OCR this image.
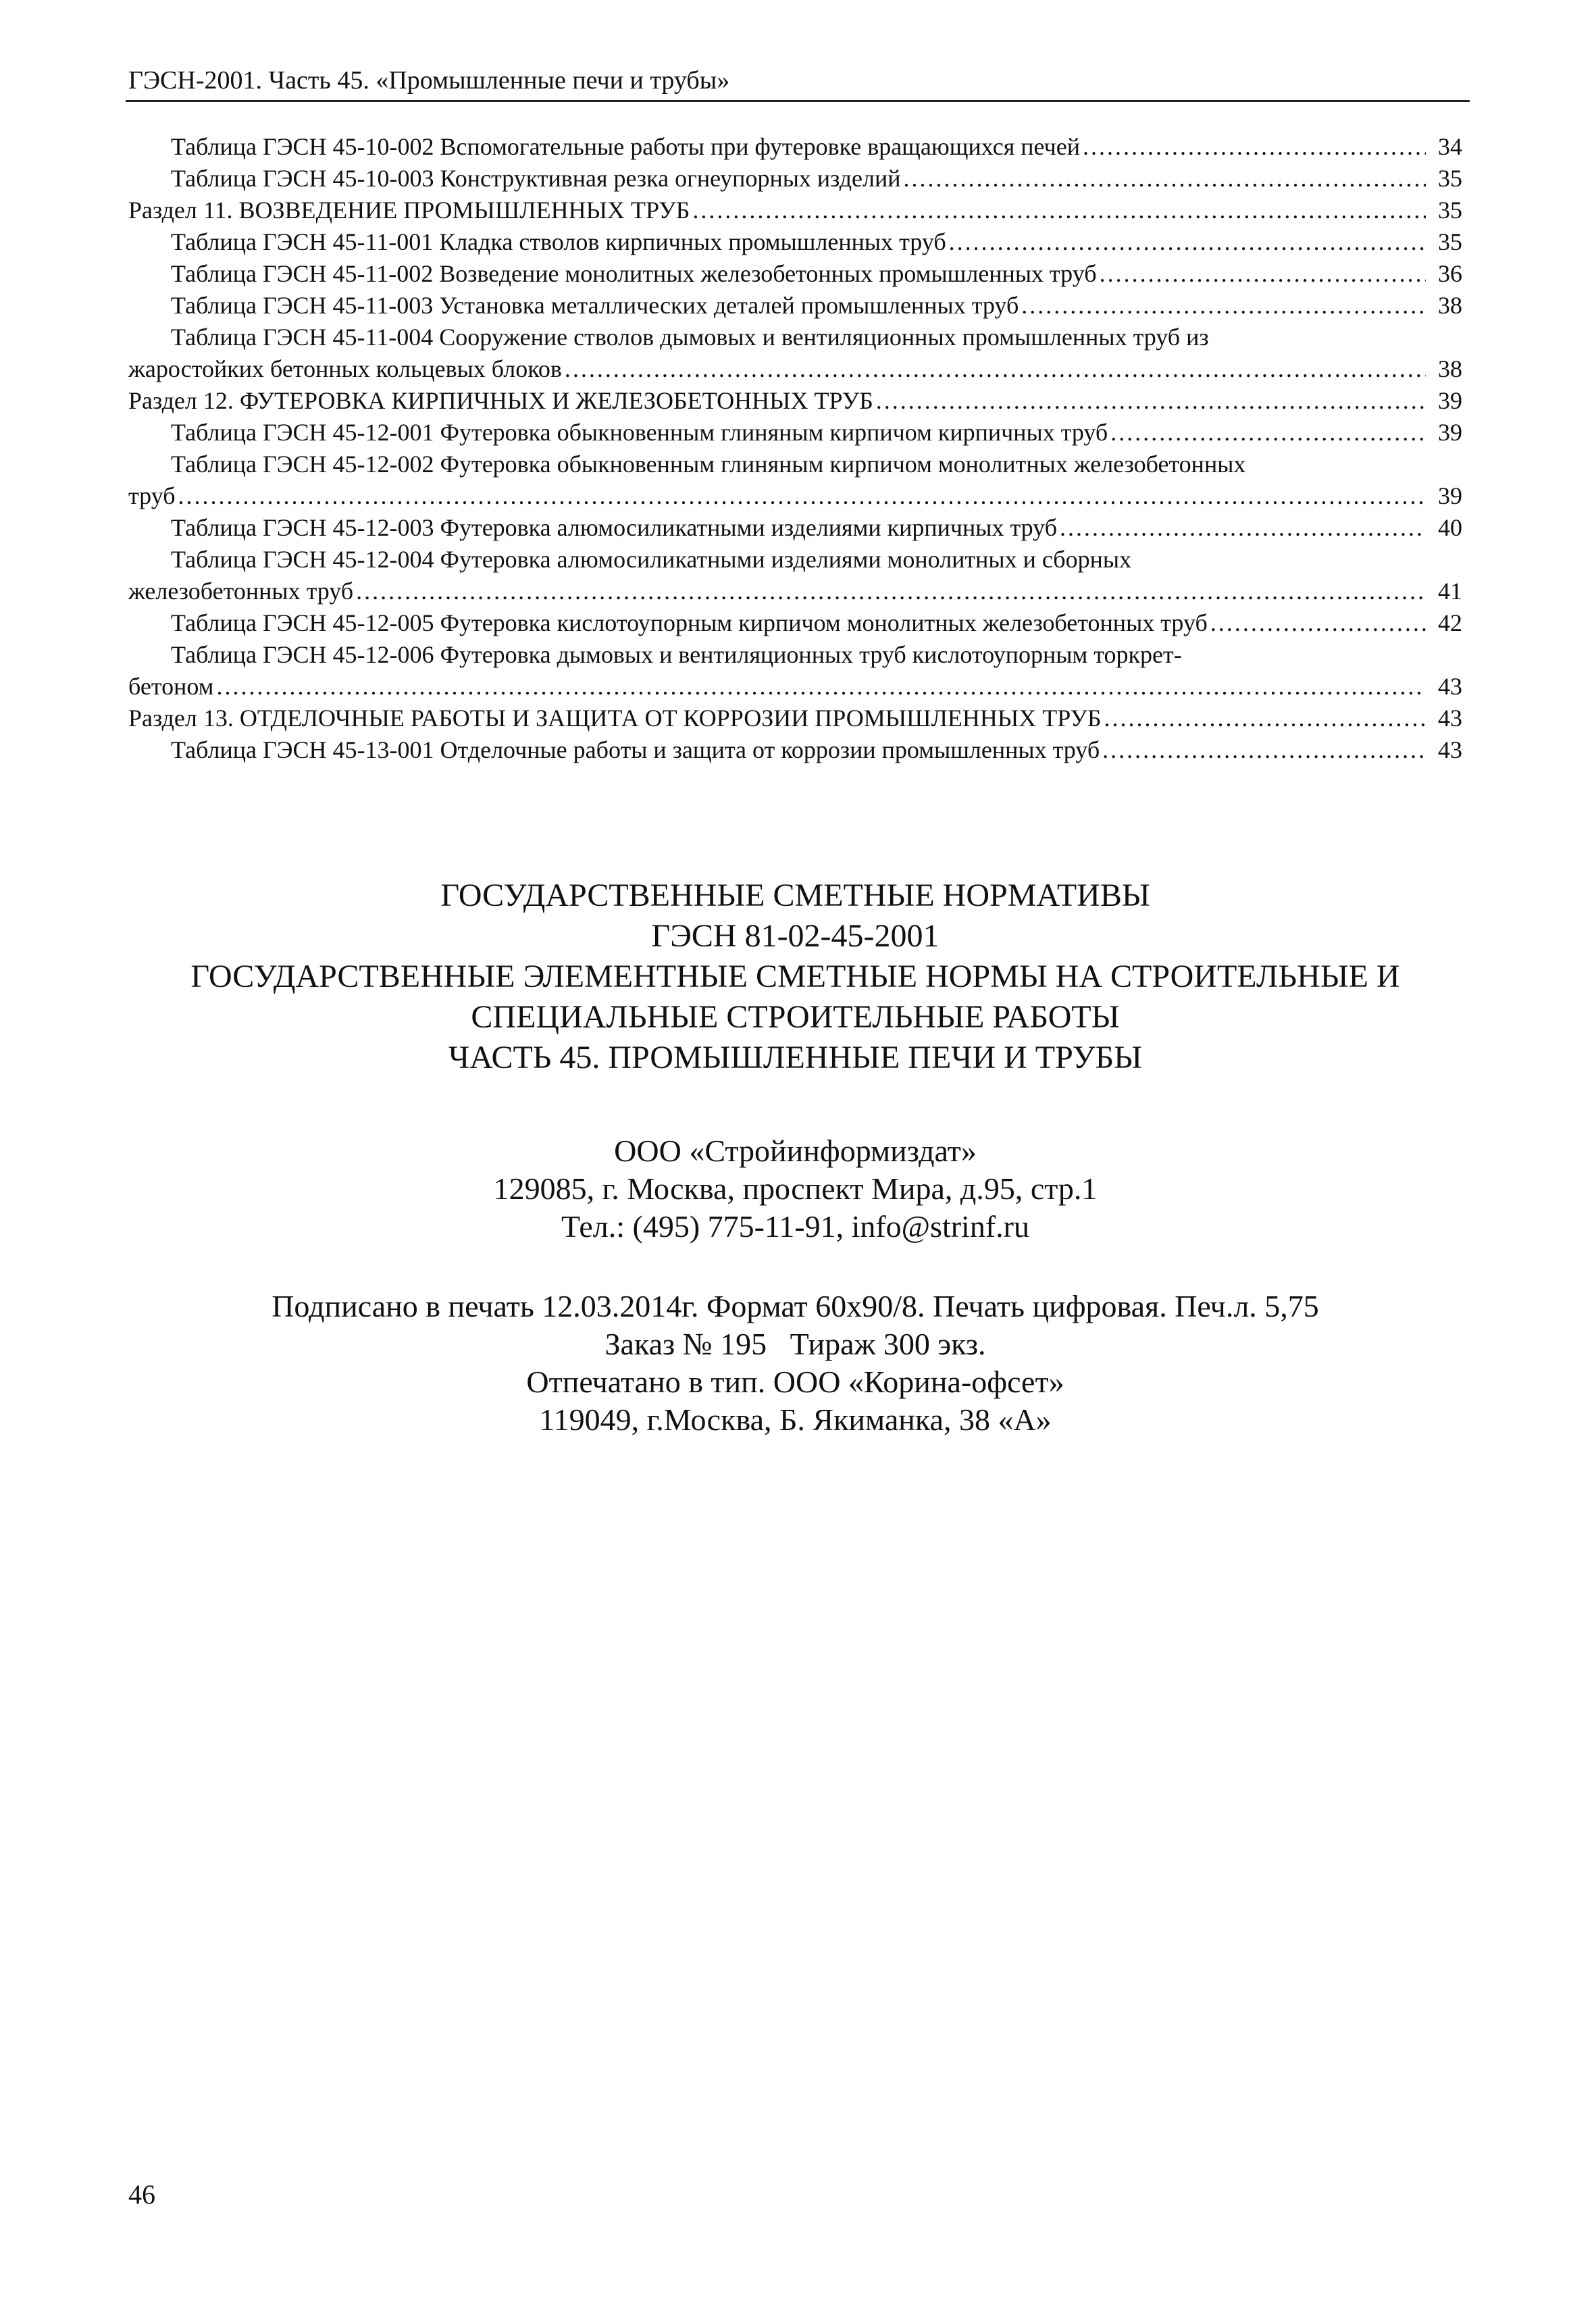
ГЭСН-2001. Часть 45. «Промышленные печи и трубы»
Таблица ГЭСН 45-10-002 Вспомогательные работы при футеровке вращающихся печей .....	34
Таблица ГЭСН 45-10-003 Конструктивная резка огнеупорных изделий .....	35
Раздел 11. ВОЗВЕДЕНИЕ ПРОМЫШЛЕННЫХ ТРУБ .....	35
Таблица ГЭСН 45-11-001 Кладка стволов кирпичных промышленных труб .....	35
Таблица ГЭСН 45-11-002 Возведение монолитных железобетонных промышленных труб .....	36
Таблица ГЭСН 45-11-003 Установка металлических деталей промышленных труб .....	38
Таблица ГЭСН 45-11-004 Сооружение стволов дымовых и вентиляционных промышленных труб из
жаростойких бетонных кольцевых блоков .....	38
Раздел 12. ФУТЕРОВКА КИРПИЧНЫХ И ЖЕЛЕЗОБЕТОННЫХ ТРУБ .....	39
Таблица ГЭСН 45-12-001 Футеровка обыкновенным глиняным кирпичом кирпичных труб .....	39
Таблица ГЭСН 45-12-002 Футеровка обыкновенным глиняным кирпичом монолитных железобетонных
труб .....	39
Таблица ГЭСН 45-12-003 Футеровка алюмосиликатными изделиями кирпичных труб .....	40
Таблица ГЭСН 45-12-004 Футеровка алюмосиликатными изделиями монолитных и сборных
железобетонных труб .....	41
Таблица ГЭСН 45-12-005 Футеровка кислотоупорным кирпичом монолитных железобетонных труб .....	42
Таблица ГЭСН 45-12-006 Футеровка дымовых и вентиляционных труб кислотоупорным торкрет-
бетоном .....	43
Раздел 13. ОТДЕЛОЧНЫЕ РАБОТЫ И ЗАЩИТА ОТ КОРРОЗИИ ПРОМЫШЛЕННЫХ ТРУБ .....	43
Таблица ГЭСН 45-13-001 Отделочные работы и защита от коррозии промышленных труб .....	43
ГОСУДАРСТВЕННЫЕ СМЕТНЫЕ НОРМАТИВЫ
ГЭСН 81-02-45-2001
ГОСУДАРСТВЕННЫЕ ЭЛЕМЕНТНЫЕ СМЕТНЫЕ НОРМЫ НА СТРОИТЕЛЬНЫЕ И
СПЕЦИАЛЬНЫЕ СТРОИТЕЛЬНЫЕ РАБОТЫ
ЧАСТЬ 45. ПРОМЫШЛЕННЫЕ ПЕЧИ И ТРУБЫ
ООО «Стройинформиздат»
129085, г. Москва, проспект Мира, д.95, стр.1
Тел.: (495) 775-11-91, info@strinf.ru
Подписано в печать 12.03.2014г. Формат 60x90/8. Печать цифровая. Печ.л. 5,75
Заказ № 195   Тираж 300 экз.
Отпечатано в тип. ООО «Корина-офсет»
119049, г.Москва, Б. Якиманка, 38 «А»
46
